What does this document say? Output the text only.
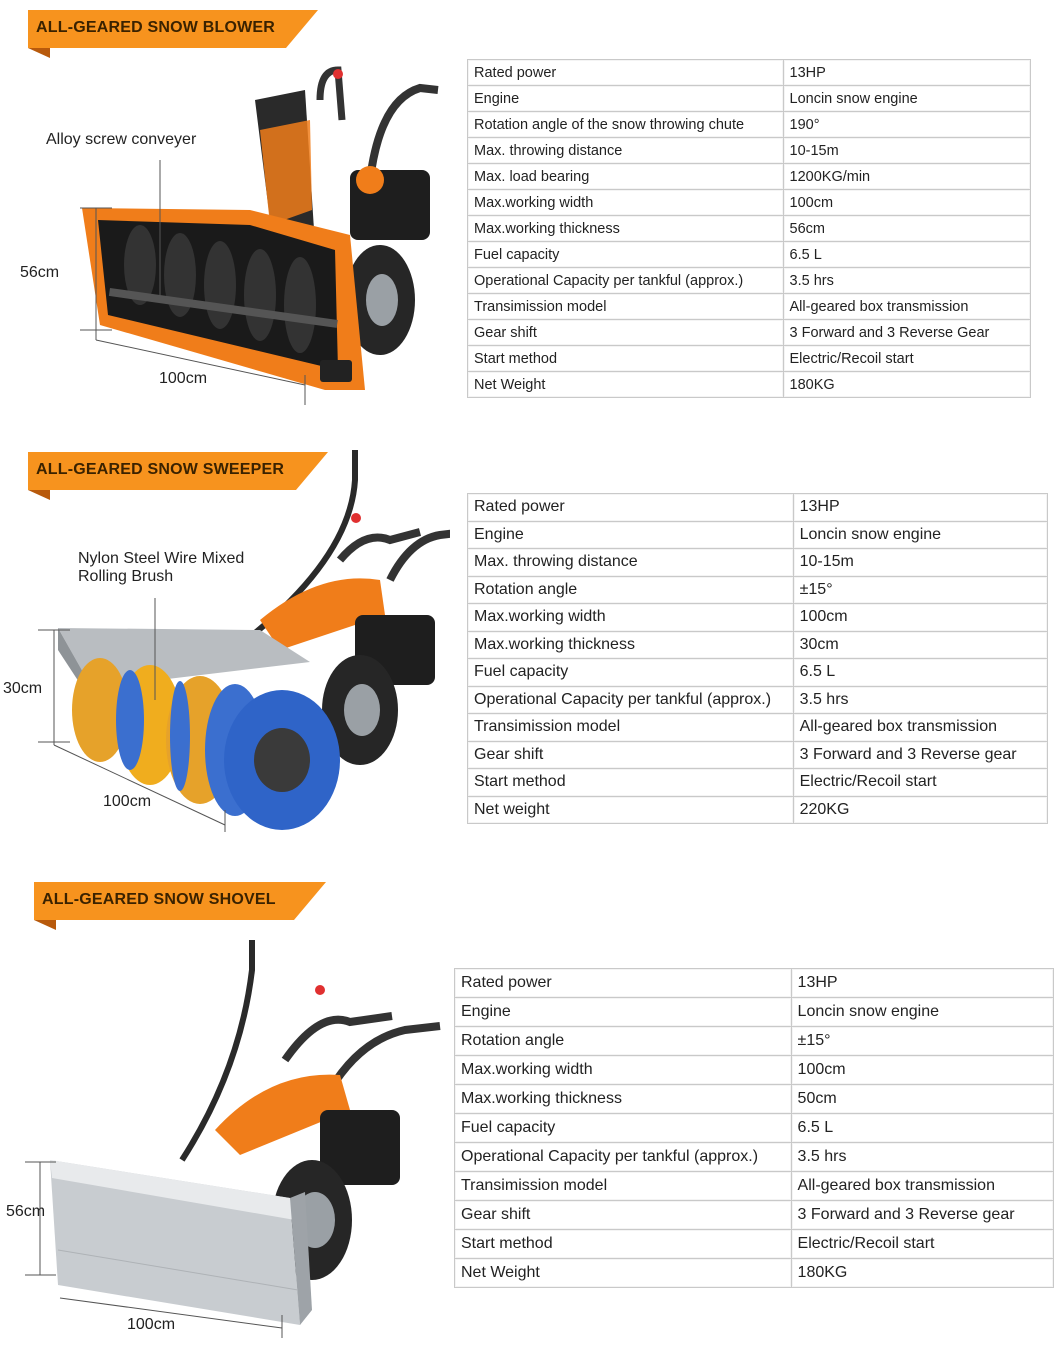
ALL-GEARED SNOW BLOWER
Alloy screw conveyer
56cm
100cm
Rated power	13HP
Engine	Loncin snow engine
Rotation angle of the snow throwing chute	190°
Max. throwing distance	10-15m
Max. load bearing	1200KG/min
Max.working width	100cm
Max.working thickness	56cm
Fuel capacity	6.5 L
Operational Capacity per tankful (approx.)	3.5 hrs
Transimission model	All-geared box transmission
Gear shift	3 Forward and 3 Reverse Gear
Start method	Electric/Recoil start
Net Weight	180KG
ALL-GEARED SNOW SWEEPER
Nylon Steel Wire Mixed
Rolling Brush
30cm
100cm
Rated power	13HP
Engine	Loncin snow engine
Max. throwing distance	10-15m
Rotation angle	±15°
Max.working width	100cm
Max.working thickness	30cm
Fuel capacity	6.5 L
Operational Capacity per tankful (approx.)	3.5 hrs
Transimission model	All-geared box transmission
Gear shift	3 Forward and 3 Reverse gear
Start method	Electric/Recoil start
Net weight	220KG
ALL-GEARED SNOW SHOVEL
56cm
100cm
Rated power	13HP
Engine	Loncin snow engine
Rotation angle	±15°
Max.working width	100cm
Max.working thickness	50cm
Fuel capacity	6.5 L
Operational Capacity per tankful (approx.)	3.5 hrs
Transimission model	All-geared box transmission
Gear shift	3 Forward and 3 Reverse gear
Start method	Electric/Recoil start
Net Weight	180KG
